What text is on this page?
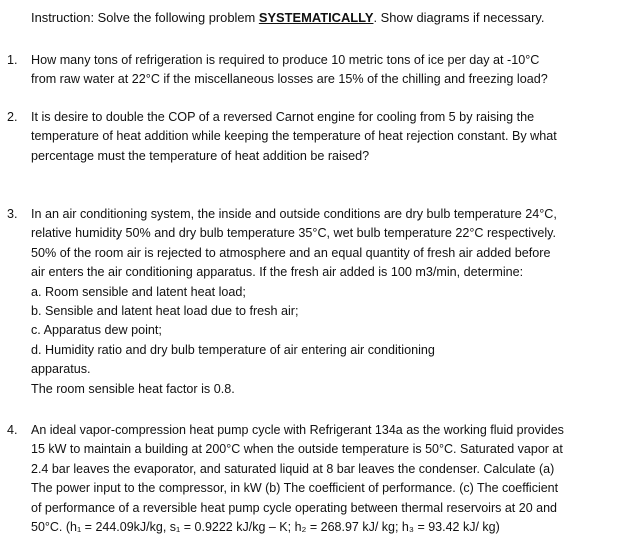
Instruction: Solve the following problem SYSTEMATICALLY. Show diagrams if necessary.
1. How many tons of refrigeration is required to produce 10 metric tons of ice per day at -10°C
from raw water at 22°C if the miscellaneous losses are 15% of the chilling and freezing load?
2. It is desire to double the COP of a reversed Carnot engine for cooling from 5 by raising the
temperature of heat addition while keeping the temperature of heat rejection constant. By what
percentage must the temperature of heat addition be raised?
3. In an air conditioning system, the inside and outside conditions are dry bulb temperature 24°C,
relative humidity 50% and dry bulb temperature 35°C, wet bulb temperature 22°C respectively.
50% of the room air is rejected to atmosphere and an equal quantity of fresh air added before
air enters the air conditioning apparatus. If the fresh air added is 100 m3/min, determine:
a. Room sensible and latent heat load;
b. Sensible and latent heat load due to fresh air;
c. Apparatus dew point;
d. Humidity ratio and dry bulb temperature of air entering air conditioning
apparatus.
The room sensible heat factor is 0.8.
4. An ideal vapor-compression heat pump cycle with Refrigerant 134a as the working fluid provides
15 kW to maintain a building at 200°C when the outside temperature is 50°C. Saturated vapor at
2.4 bar leaves the evaporator, and saturated liquid at 8 bar leaves the condenser. Calculate (a)
The power input to the compressor, in kW (b) The coefficient of performance. (c) The coefficient
of performance of a reversible heat pump cycle operating between thermal reservoirs at 20 and
50°C. (h₁ = 244.09kJ/kg, s₁ = 0.9222 kJ/kg – K; h₂ = 268.97 kJ/ kg; h₃ = 93.42 kJ/ kg)
